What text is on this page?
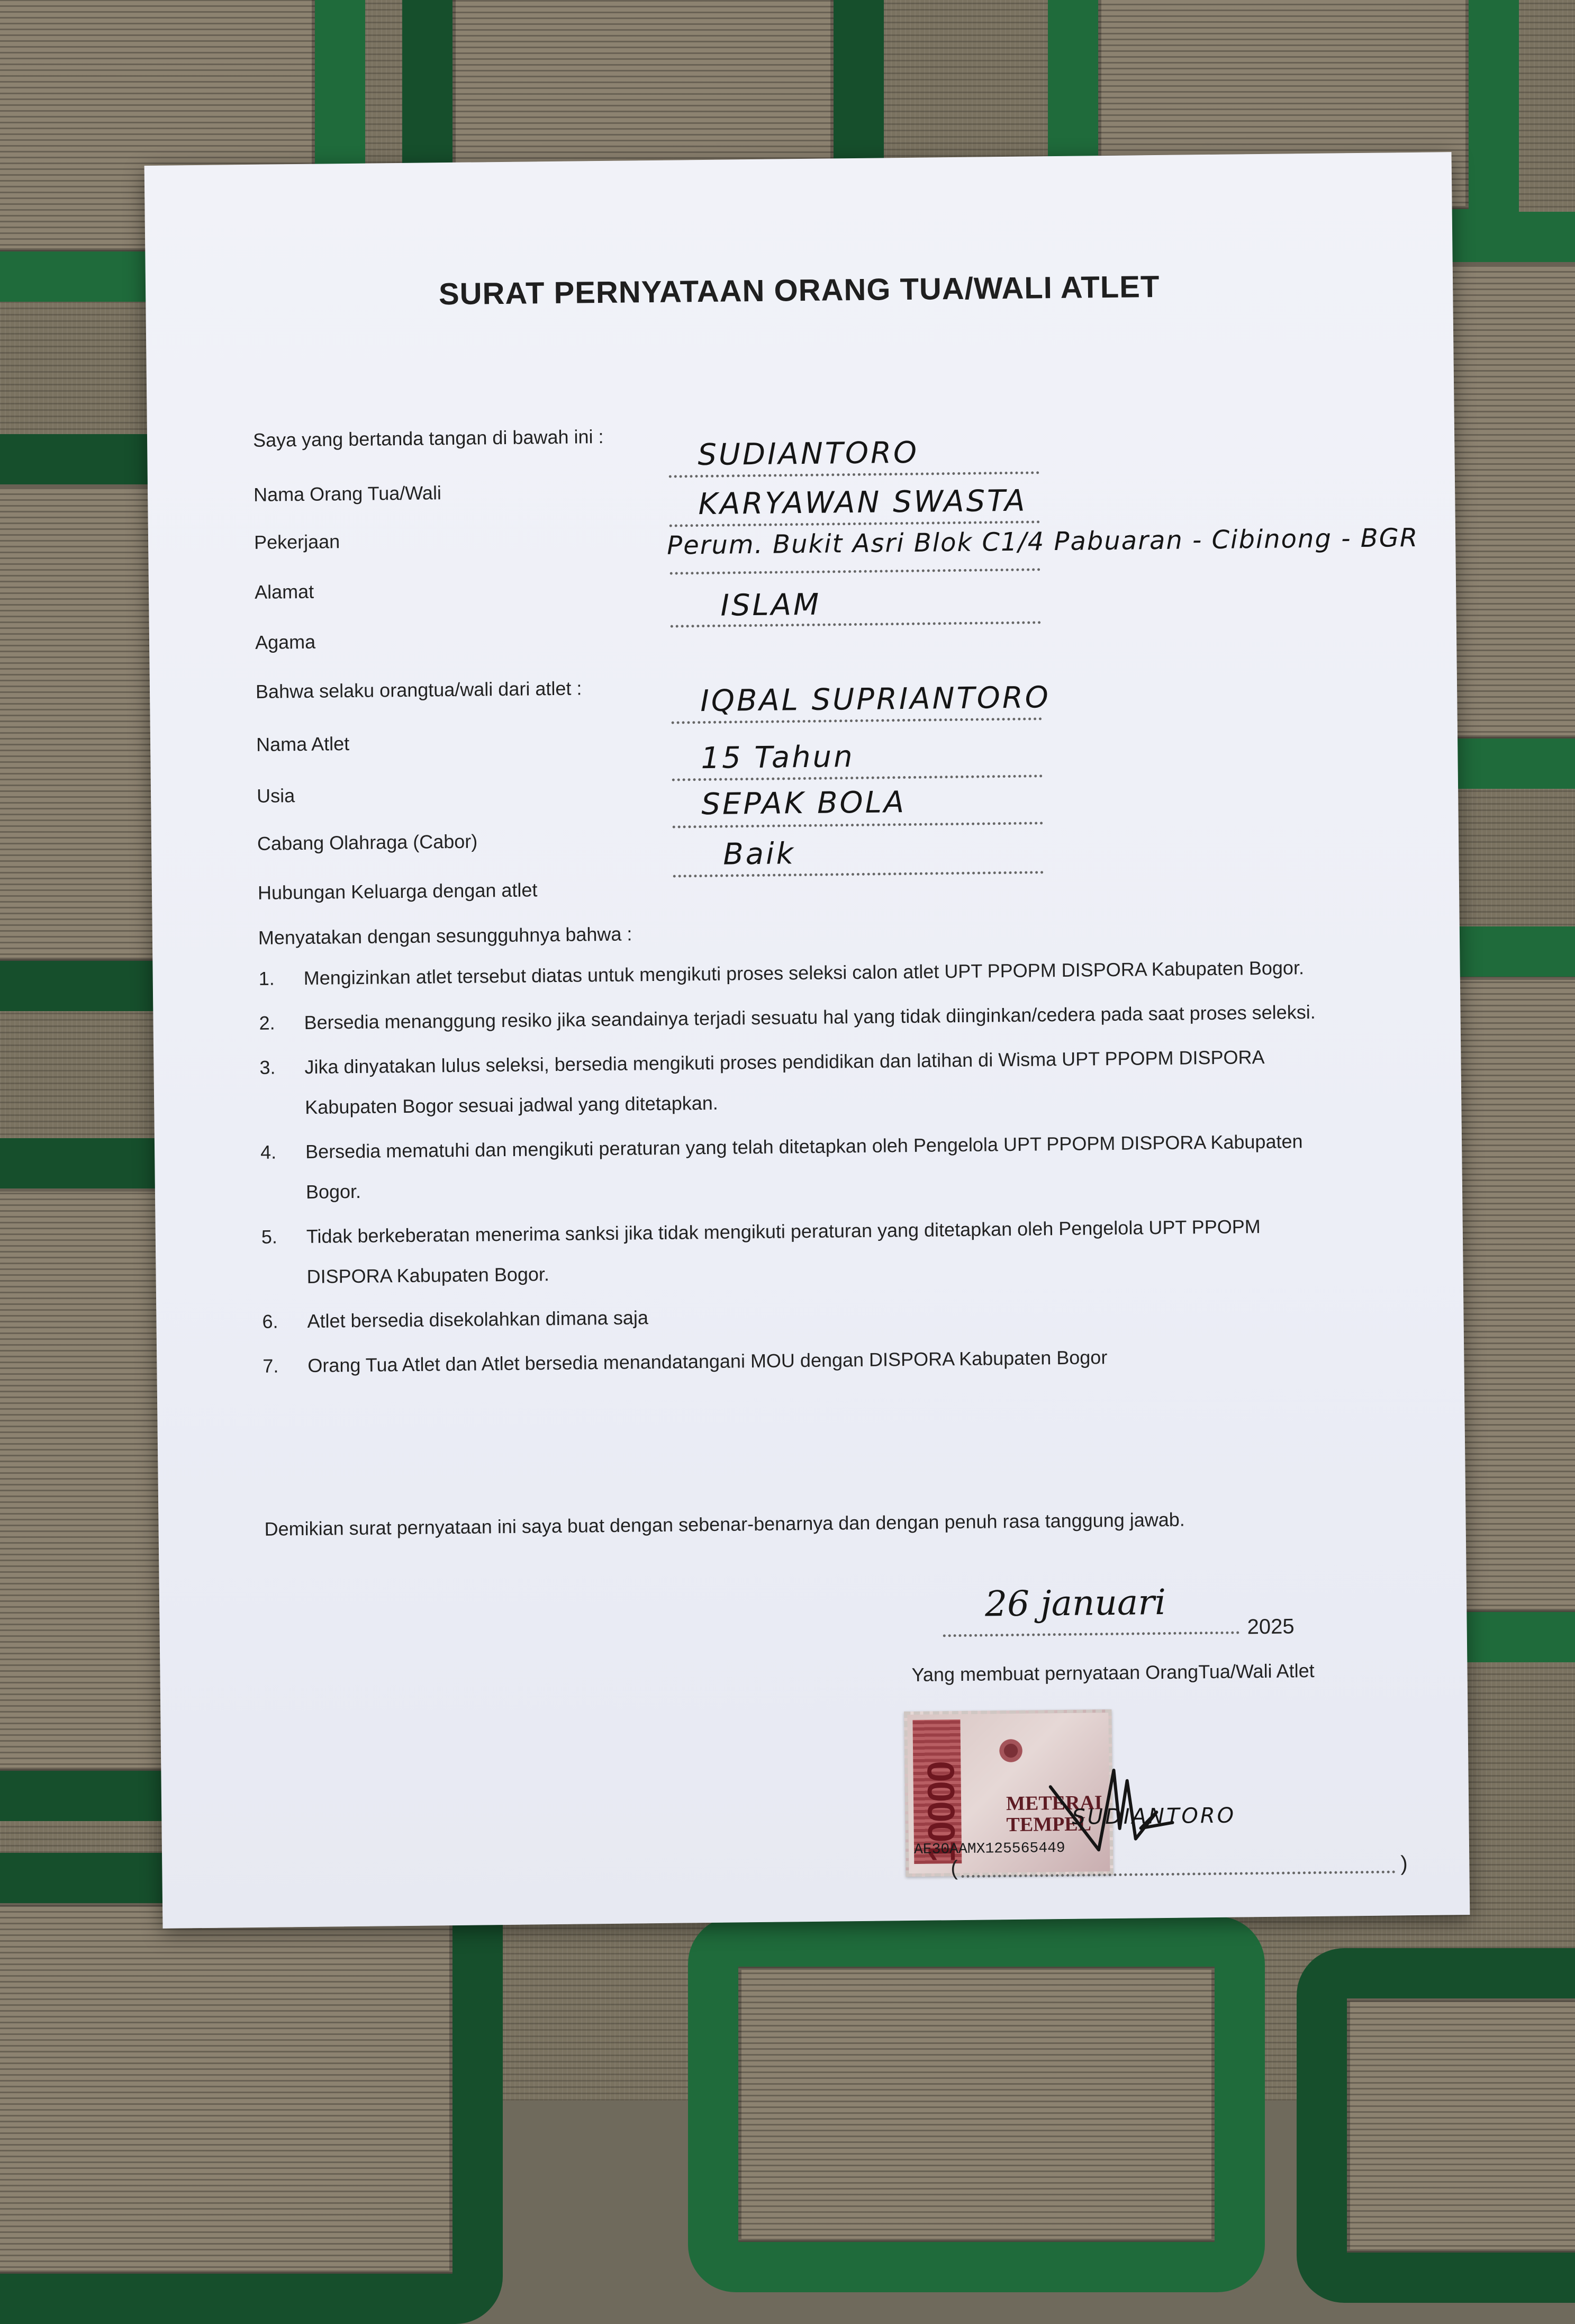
SURAT PERNYATAAN ORANG TUA/WALI ATLET
Saya yang bertanda tangan di bawah ini :
Nama Orang Tua/Wali
SUDIANTORO
Pekerjaan
KARYAWAN SWASTA
Alamat
Perum. Bukit Asri Blok C1/4 Pabuaran - Cibinong - BGR
Agama
ISLAM
Bahwa selaku orangtua/wali dari atlet :
Nama Atlet
IQBAL SUPRIANTORO
Usia
15 Tahun
Cabang Olahraga (Cabor)
SEPAK BOLA
Hubungan Keluarga dengan atlet
Baik
Menyatakan dengan sesungguhnya bahwa :
1. Mengizinkan atlet tersebut diatas untuk mengikuti proses seleksi calon atlet UPT PPOPM DISPORA Kabupaten Bogor.
2. Bersedia menanggung resiko jika seandainya terjadi sesuatu hal yang tidak diinginkan/cedera pada saat proses seleksi.
3. Jika dinyatakan lulus seleksi, bersedia mengikuti proses pendidikan dan latihan di Wisma UPT PPOPM DISPORA Kabupaten Bogor sesuai jadwal yang ditetapkan.
4. Bersedia mematuhi dan mengikuti peraturan yang telah ditetapkan oleh Pengelola UPT PPOPM DISPORA Kabupaten Bogor.
5. Tidak berkeberatan menerima sanksi jika tidak mengikuti peraturan yang ditetapkan oleh Pengelola UPT PPOPM DISPORA Kabupaten Bogor.
6. Atlet bersedia disekolahkan dimana saja
7. Orang Tua Atlet dan Atlet bersedia menandatangani MOU dengan DISPORA Kabupaten Bogor
Demikian surat pernyataan ini saya buat dengan sebenar-benarnya dan dengan penuh rasa tanggung jawab.
26 januari
2025
Yang membuat pernyataan OrangTua/Wali Atlet
10000 METERAI TEMPEL
AE30AAMX125565449
SUDIANTORO
(	)
